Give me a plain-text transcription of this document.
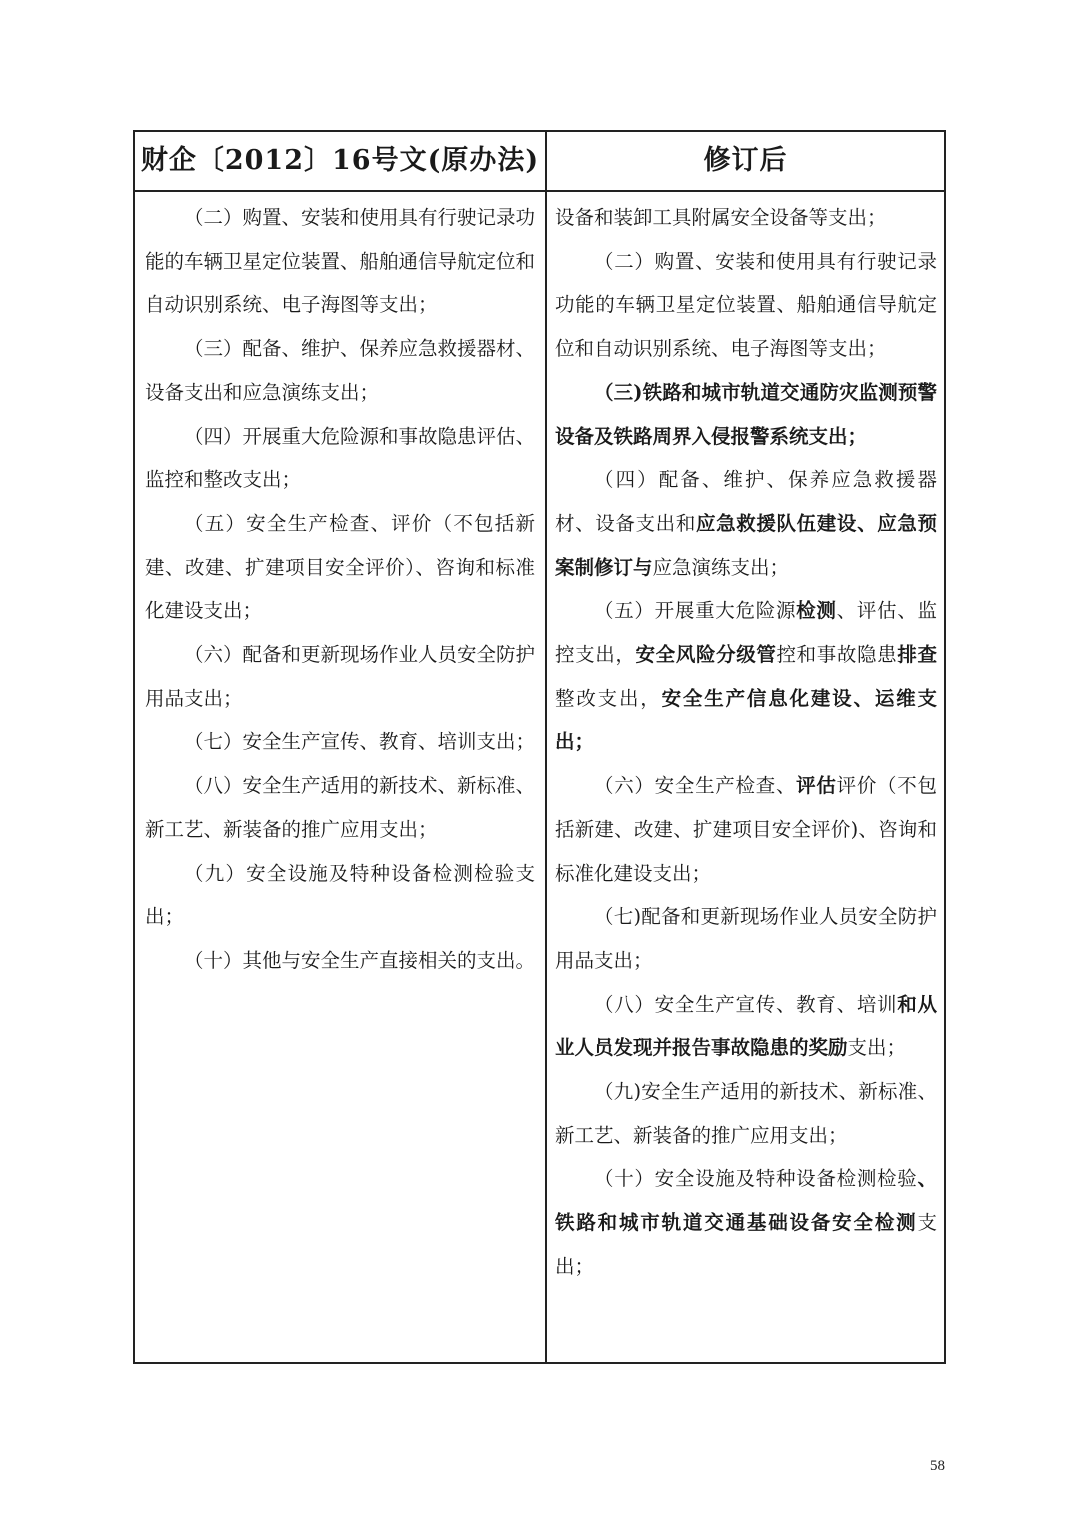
财企〔2012〕16号文(原办法)	修订后
（二）购置、安装和使用具有行驶记录功能的车辆卫星定位装置、船舶通信导航定位和自动识别系统、电子海图等支出；
（三）配备、维护、保养应急救援器材、设备支出和应急演练支出；
（四）开展重大危险源和事故隐患评估、监控和整改支出；
（五）安全生产检查、评价（不包括新建、改建、扩建项目安全评价）、咨询和标准化建设支出；
（六）配备和更新现场作业人员安全防护用品支出；
（七）安全生产宣传、教育、培训支出；
（八）安全生产适用的新技术、新标准、新工艺、新装备的推广应用支出；
（九）安全设施及特种设备检测检验支出；
（十）其他与安全生产直接相关的支出。
设备和装卸工具附属安全设备等支出；
（二）购置、安装和使用具有行驶记录功能的车辆卫星定位装置、船舶通信导航定位和自动识别系统、电子海图等支出；
（三)铁路和城市轨道交通防灾监测预警设备及铁路周界入侵报警系统支出；
（四）配备、维护、保养应急救援器材、设备支出和应急救援队伍建设、应急预案制修订与应急演练支出；
（五）开展重大危险源检测、评估、监控支出，安全风险分级管控和事故隐患排查整改支出，安全生产信息化建设、运维支出；
（六）安全生产检查、评估评价（不包括新建、改建、扩建项目安全评价)、咨询和标准化建设支出；
（七)配备和更新现场作业人员安全防护用品支出；
（八）安全生产宣传、教育、培训和从业人员发现并报告事故隐患的奖励支出；
（九)安全生产适用的新技术、新标准、新工艺、新装备的推广应用支出；
（十）安全设施及特种设备检测检验、铁路和城市轨道交通基础设备安全检测支出；
58
